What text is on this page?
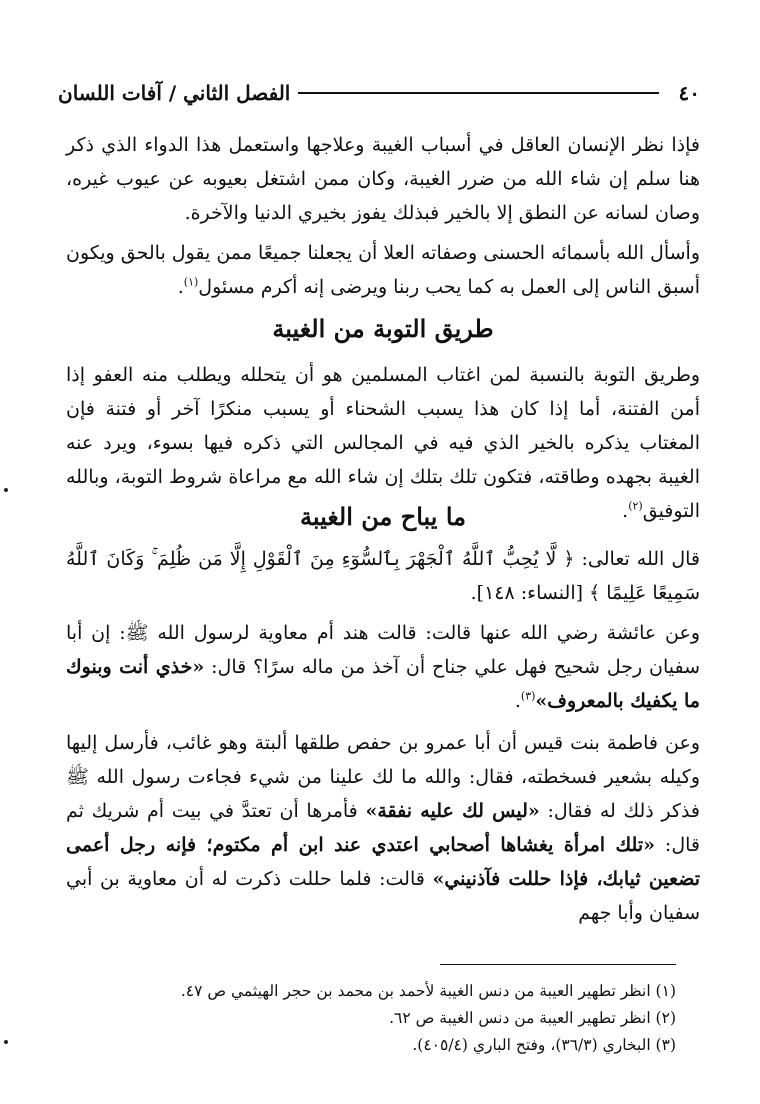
٤٠
الفصل الثاني / آفات اللسان

فإذا نظر الإنسان العاقل في أسباب الغيبة وعلاجها واستعمل هذا الدواء الذي ذكر هنا سلم إن شاء الله من ضرر الغيبة، وكان ممن اشتغل بعيوبه عن عيوب غيره، وصان لسانه عن النطق إلا بالخير فبذلك يفوز بخيري الدنيا والآخرة.

وأسأل الله بأسمائه الحسنى وصفاته العلا أن يجعلنا جميعًا ممن يقول بالحق ويكون أسبق الناس إلى العمل به كما يحب ربنا ويرضى إنه أكرم مسئول$^{(١)}$.

طريق التوبة من الغيبة

وطريق التوبة بالنسبة لمن اغتاب المسلمين هو أن يتحلله ويطلب منه العفو إذا أمن الفتنة، أما إذا كان هذا يسبب الشحناء أو يسبب منكرًا آخر أو فتنة فإن المغتاب يذكره بالخير الذي فيه في المجالس التي ذكره فيها بسوء، ويرد عنه الغيبة بجهده وطاقته، فتكون تلك بتلك إن شاء الله مع مراعاة شروط التوبة، وبالله التوفيق$^{(٢)}$.

ما يباح من الغيبة

قال الله تعالى: ﴿ لَّا يُحِبُّ ٱللَّهُ ٱلْجَهْرَ بِٱلسُّوٓءِ مِنَ ٱلْقَوْلِ إِلَّا مَن ظُلِمَ ۚ وَكَانَ ٱللَّهُ سَمِيعًا عَلِيمًا ﴾ [النساء: ١٤٨].

وعن عائشة رضي الله عنها قالت: قالت هند أم معاوية لرسول الله ﷺ: إن أبا سفيان رجل شحيح فهل علي جناح أن آخذ من ماله سرًا؟ قال: «خذي أنت وبنوك ما يكفيك بالمعروف»$^{(٣)}$.

وعن فاطمة بنت قيس أن أبا عمرو بن حفص طلقها ألبتة وهو غائب، فأرسل إليها وكيله بشعير فسخطته، فقال: والله ما لك علينا من شيء فجاءت رسول الله ﷺ فذكر ذلك له فقال: «ليس لك عليه نفقة» فأمرها أن تعتدَّ في بيت أم شريك ثم قال: «تلك امرأة يغشاها أصحابي اعتدي عند ابن أم مكتوم؛ فإنه رجل أعمى تضعين ثيابك، فإذا حللت فآذنيني» قالت: فلما حللت ذكرت له أن معاوية بن أبي سفيان وأبا جهم

(١) انظر تطهير العيبة من دنس الغيبة لأحمد بن محمد بن حجر الهيثمي ص ٤٧.
(٢) انظر تطهير العيبة من دنس الغيبة ص ٦٢.
(٣) البخاري (٣٦/٣)، وفتح الباري (٤٠٥/٤).
